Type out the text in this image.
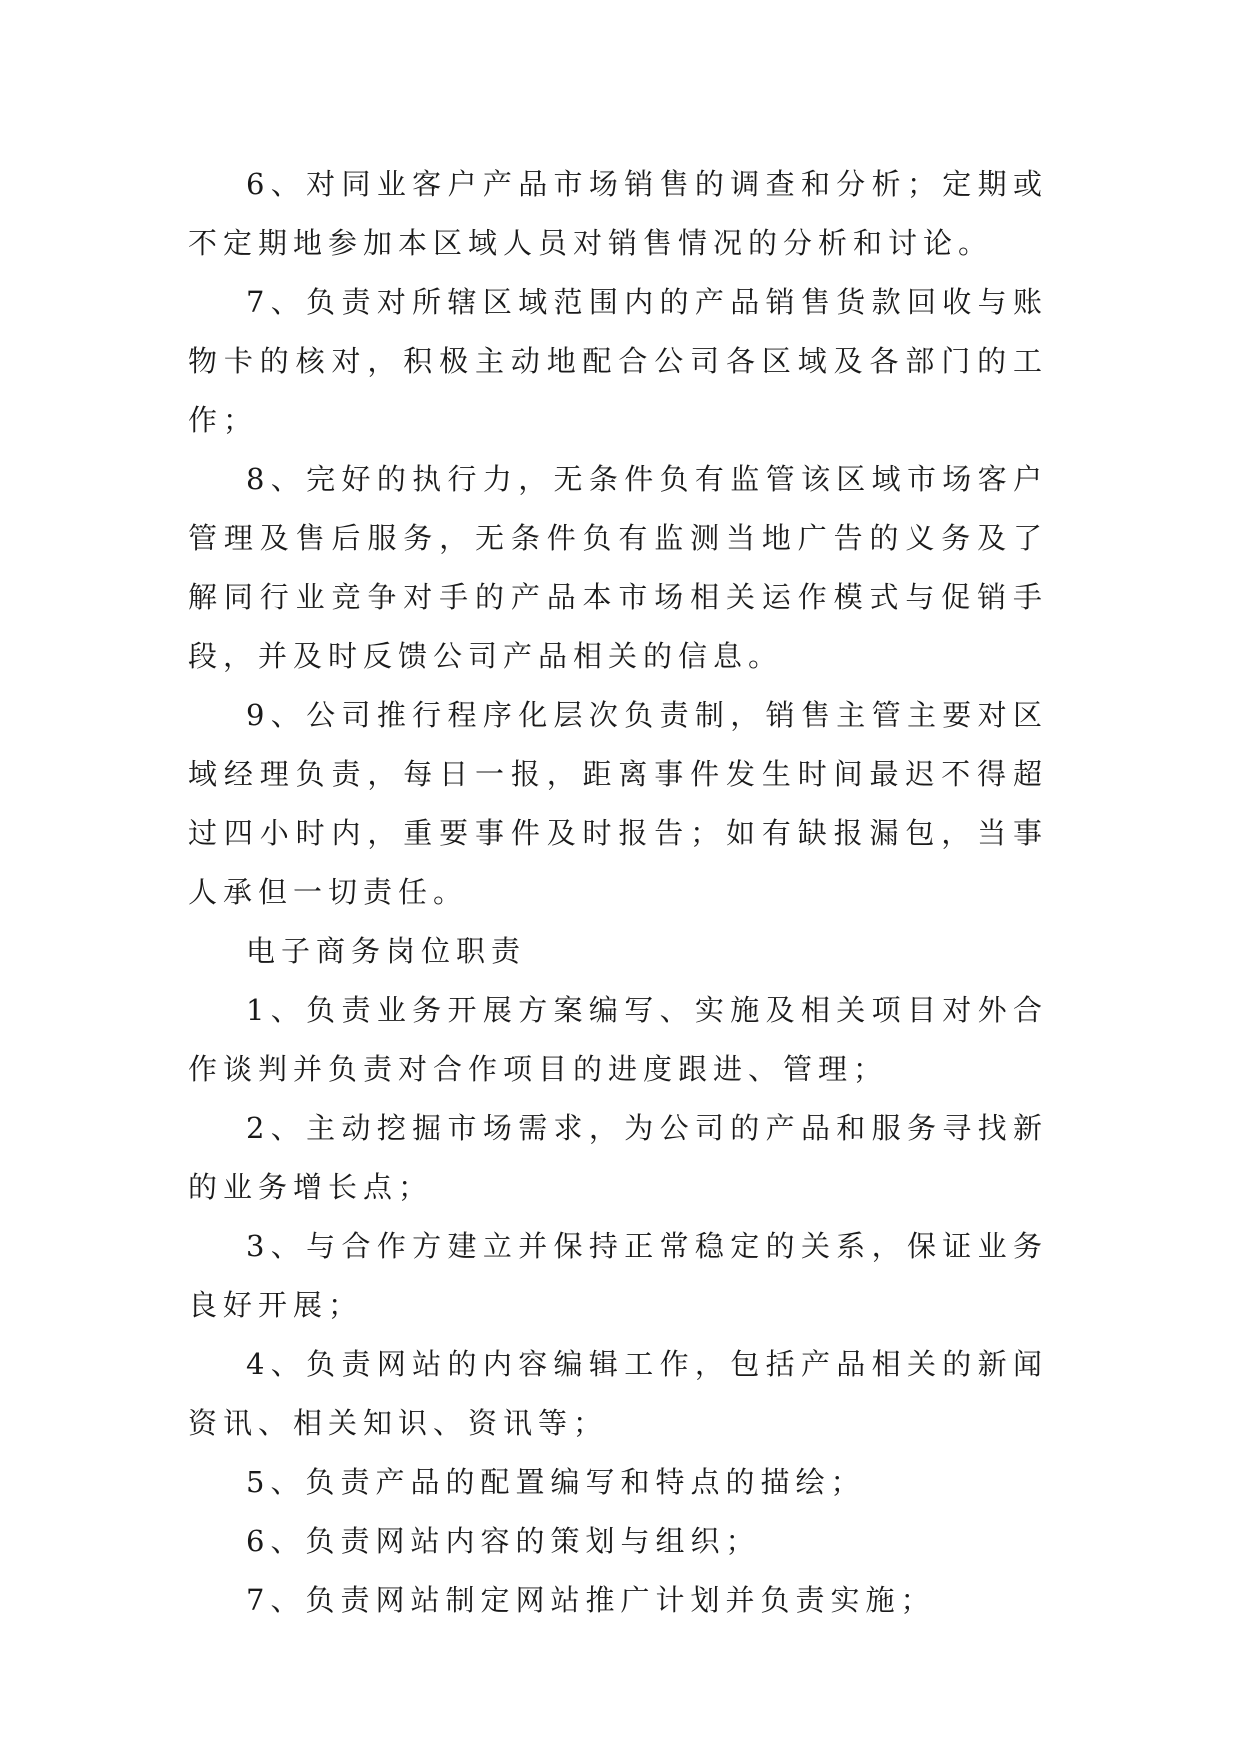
6、对同业客户产品市场销售的调查和分析；定期或不定期地参加本区域人员对销售情况的分析和讨论。

7、负责对所辖区域范围内的产品销售货款回收与账物卡的核对，积极主动地配合公司各区域及各部门的工作；

8、完好的执行力，无条件负有监管该区域市场客户管理及售后服务，无条件负有监测当地广告的义务及了解同行业竞争对手的产品本市场相关运作模式与促销手段，并及时反馈公司产品相关的信息。

9、公司推行程序化层次负责制，销售主管主要对区域经理负责，每日一报，距离事件发生时间最迟不得超过四小时内，重要事件及时报告；如有缺报漏包，当事人承但一切责任。

电子商务岗位职责

1、负责业务开展方案编写、实施及相关项目对外合作谈判并负责对合作项目的进度跟进、管理；

2、主动挖掘市场需求，为公司的产品和服务寻找新的业务增长点；

3、与合作方建立并保持正常稳定的关系，保证业务良好开展；

4、负责网站的内容编辑工作，包括产品相关的新闻资讯、相关知识、资讯等；

5、负责产品的配置编写和特点的描绘；

6、负责网站内容的策划与组织；

7、负责网站制定网站推广计划并负责实施；
